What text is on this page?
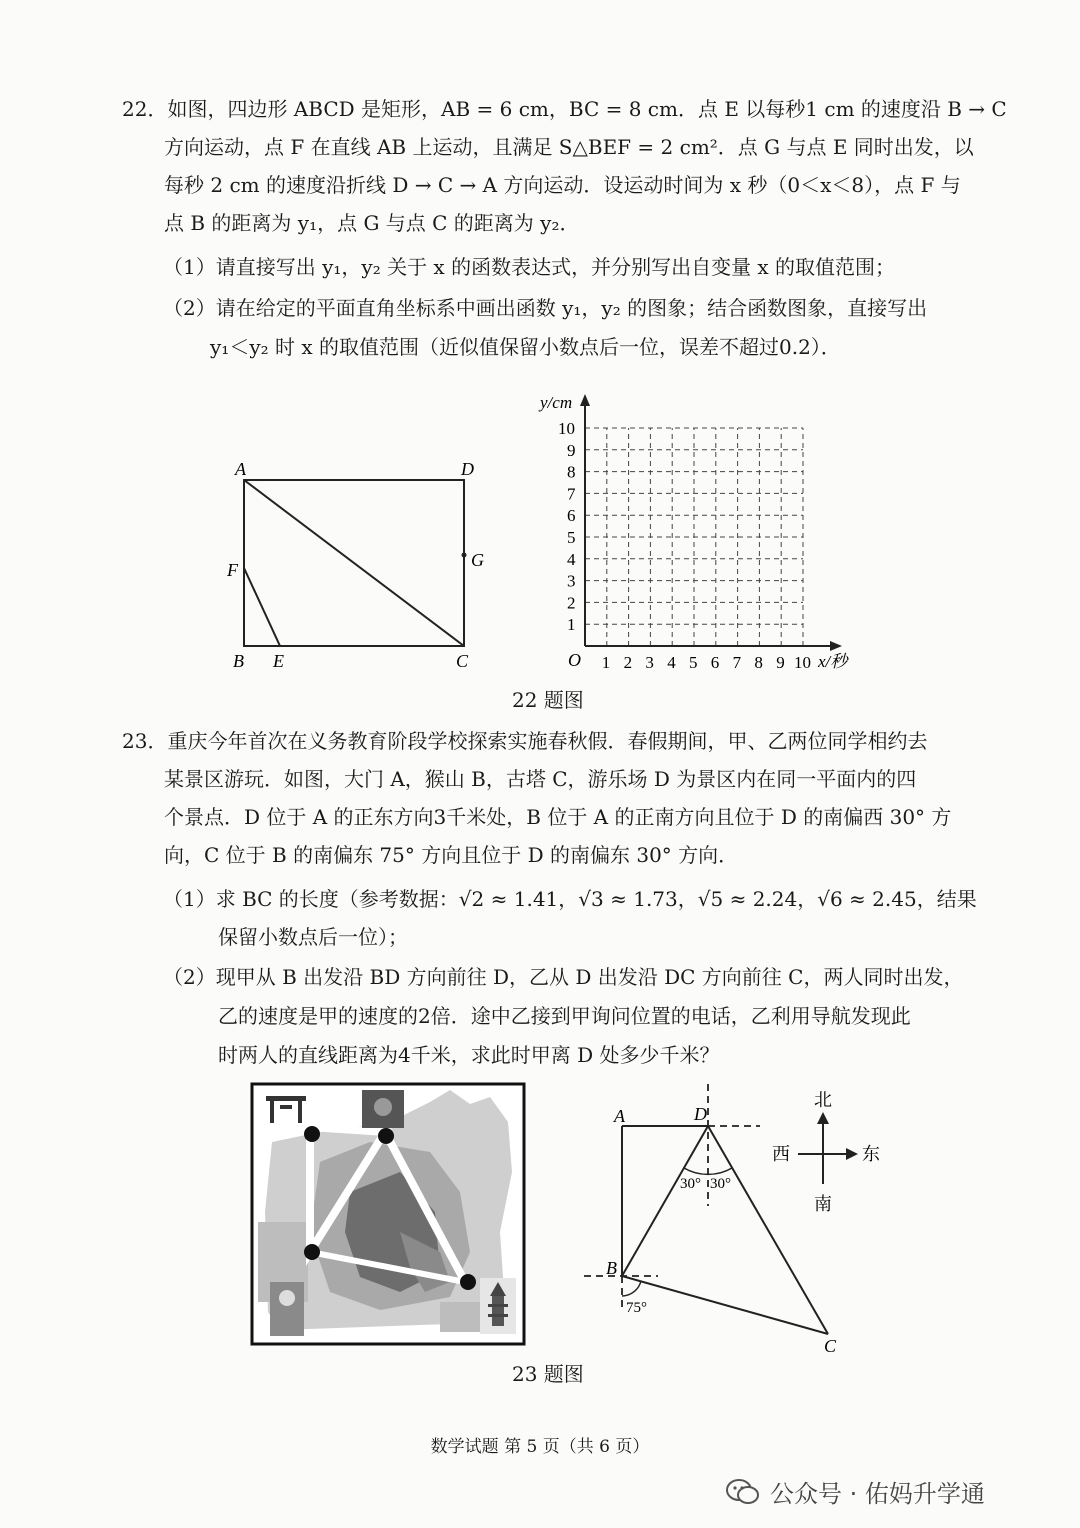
22．如图，四边形 ABCD 是矩形，AB = 6 cm，BC = 8 cm．点 E 以每秒1 cm 的速度沿 B → C
方向运动，点 F 在直线 AB 上运动，且满足 S△BEF = 2 cm²．点 G 与点 E 同时出发，以
每秒 2 cm 的速度沿折线 D → C → A 方向运动．设运动时间为 x 秒（0＜x＜8），点 F 与
点 B 的距离为 y₁，点 G 与点 C 的距离为 y₂．
（1）请直接写出 y₁，y₂ 关于 x 的函数表达式，并分别写出自变量 x 的取值范围；
（2）请在给定的平面直角坐标系中画出函数 y₁，y₂ 的图象；结合函数图象，直接写出
y₁＜y₂ 时 x 的取值范围（近似值保留小数点后一位，误差不超过0.2）．
A	D
F	G
B E	C
y/cm
x/秒
O 1 2 3 4 5 6 7 8 9 10
1
2
3
4
5
6
7
8
9
10
22 题图
23．重庆今年首次在义务教育阶段学校探索实施春秋假．春假期间，甲、乙两位同学相约去
某景区游玩．如图，大门 A，猴山 B，古塔 C，游乐场 D 为景区内在同一平面内的四
个景点．D 位于 A 的正东方向3千米处，B 位于 A 的正南方向且位于 D 的南偏西 30° 方
向，C 位于 B 的南偏东 75° 方向且位于 D 的南偏东 30° 方向．
（1）求 BC 的长度（参考数据：√2 ≈ 1.41，√3 ≈ 1.73，√5 ≈ 2.24，√6 ≈ 2.45，结果
保留小数点后一位）；
（2）现甲从 B 出发沿 BD 方向前往 D，乙从 D 出发沿 DC 方向前往 C，两人同时出发，
乙的速度是甲的速度的2倍．途中乙接到甲询问位置的电话，乙利用导航发现此
时两人的直线距离为4千米，求此时甲离 D 处多少千米？
A	D
B
C
30° 30°
75°
北
南
西	东
23 题图
数学试题 第 5 页（共 6 页）
公众号 · 佑妈升学通
